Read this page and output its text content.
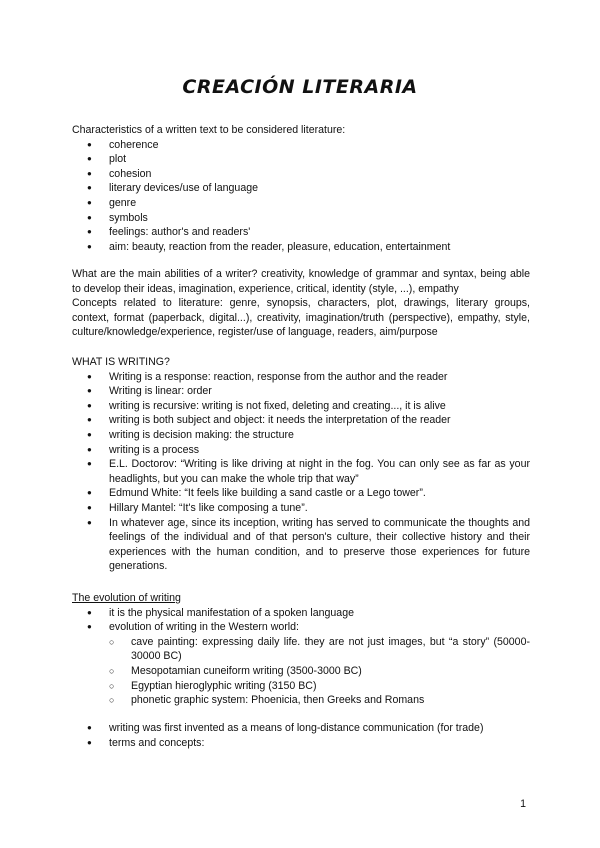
CREACIÓN LITERARIA

Characteristics of a written text to be considered literature:

● coherence
● plot
● cohesion
● literary devices/use of language
● genre
● symbols
● feelings: author's and readers'
● aim: beauty, reaction from the reader, pleasure, education, entertainment

What are the main abilities of a writer? creativity, knowledge of grammar and syntax, being able to develop their ideas, imagination, experience, critical, identity (style, ...), empathy

Concepts related to literature: genre, synopsis, characters, plot, drawings, literary groups, context, format (paperback, digital...), creativity, imagination/truth (perspective), empathy, style, culture/knowledge/experience, register/use of language, readers, aim/purpose

WHAT IS WRITING?

● Writing is a response: reaction, response from the author and the reader
● Writing is linear: order
● writing is recursive: writing is not fixed, deleting and creating..., it is alive
● writing is both subject and object: it needs the interpretation of the reader
● writing is decision making: the structure
● writing is a process
● E.L. Doctorov: “Writing is like driving at night in the fog. You can only see as far as your headlights, but you can make the whole trip that way”
● Edmund White: “It feels like building a sand castle or a Lego tower”.
● Hillary Mantel: “It's like composing a tune”.
● In whatever age, since its inception, writing has served to communicate the thoughts and feelings of the individual and of that person's culture, their collective history and their experiences with the human condition, and to preserve those experiences for future generations.

The evolution of writing

● it is the physical manifestation of a spoken language
● evolution of writing in the Western world:
○ cave painting: expressing daily life. they are not just images, but “a story” (50000-30000 BC)
○ Mesopotamian cuneiform writing (3500-3000 BC)
○ Egyptian hieroglyphic writing (3150 BC)
○ phonetic graphic system: Phoenicia, then Greeks and Romans
● writing was first invented as a means of long-distance communication (for trade)
● terms and concepts:
1
